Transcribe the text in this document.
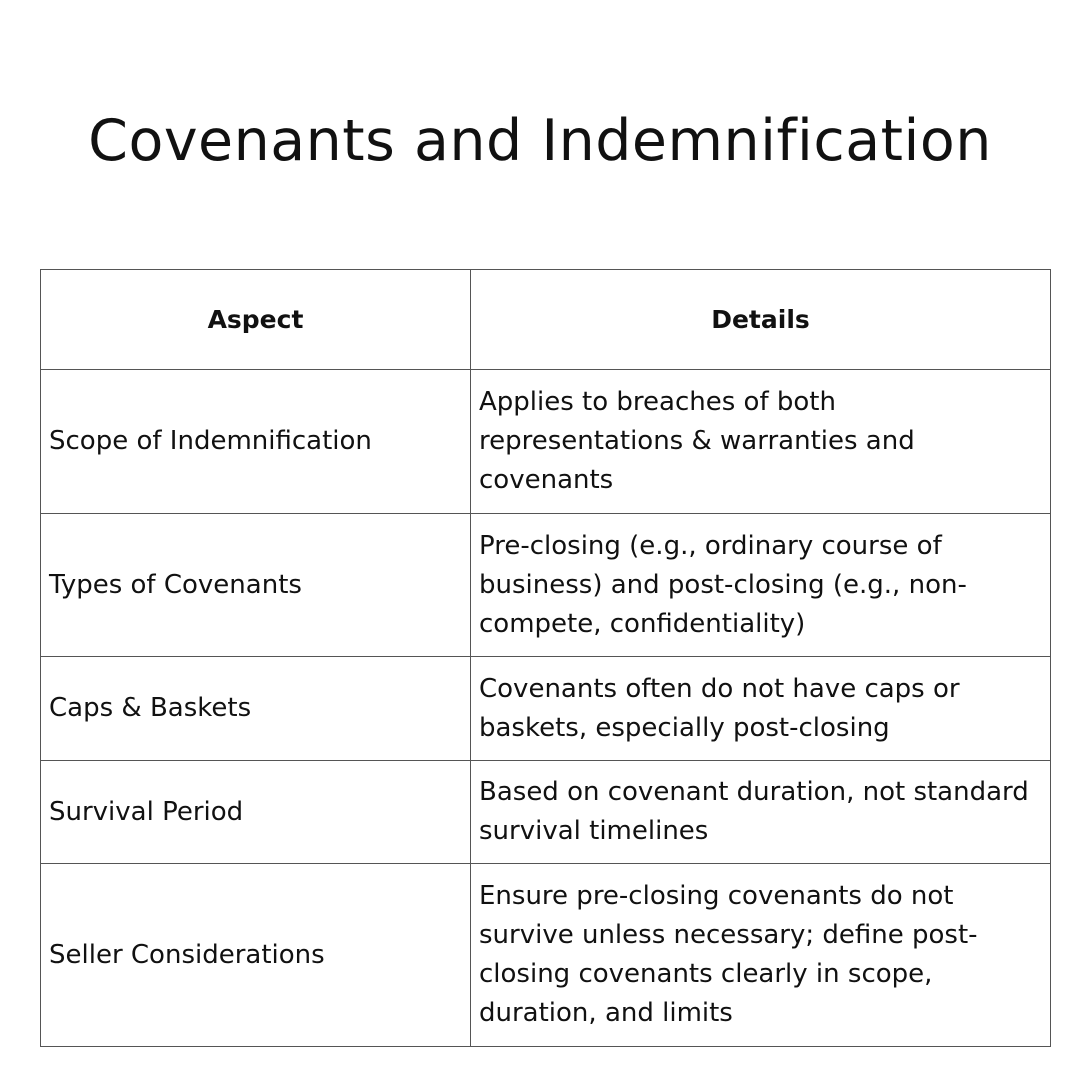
Covenants and Indemnification
Aspect	Details
Scope of Indemnification	Applies to breaches of both representations & warranties and covenants
Types of Covenants	Pre-closing (e.g., ordinary course of business) and post-closing (e.g., non-compete, confidentiality)
Caps & Baskets	Covenants often do not have caps or baskets, especially post-closing
Survival Period	Based on covenant duration, not standard survival timelines
Seller Considerations	Ensure pre-closing covenants do not survive unless necessary; define post-closing covenants clearly in scope, duration, and limits
